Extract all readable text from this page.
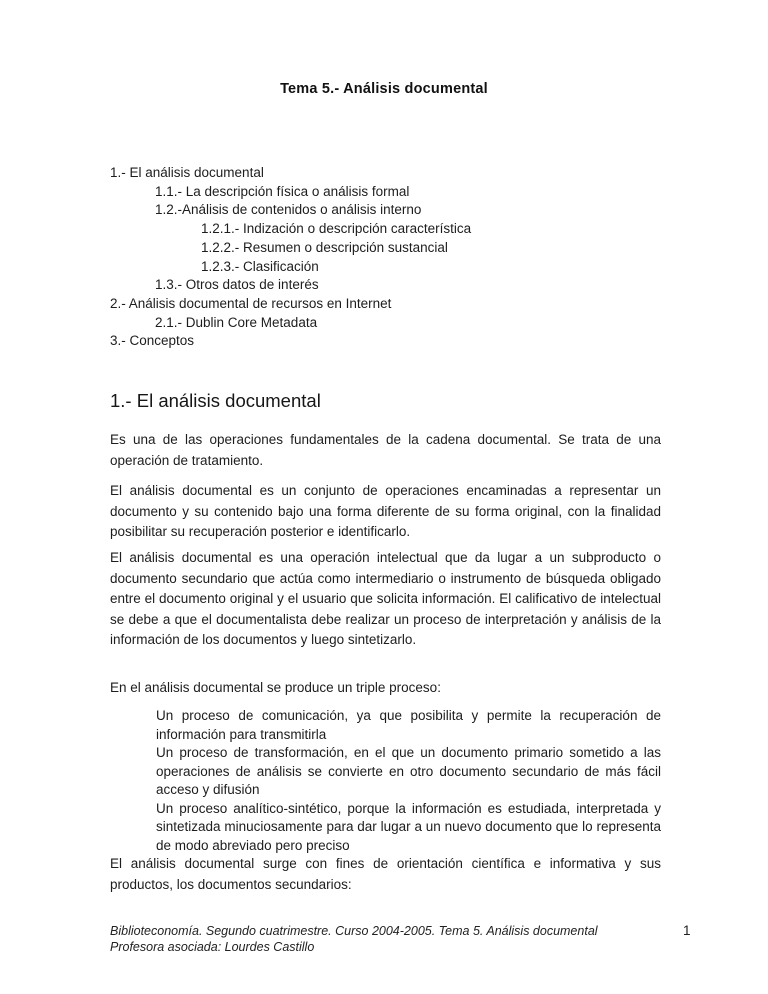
Tema 5.- Análisis documental
1.- El análisis documental
1.1.- La descripción física o análisis formal
1.2.-Análisis de contenidos o análisis interno
1.2.1.- Indización o descripción característica
1.2.2.- Resumen o descripción sustancial
1.2.3.- Clasificación
1.3.- Otros datos de interés
2.- Análisis documental de recursos en Internet
2.1.- Dublin Core Metadata
3.- Conceptos
1.- El análisis documental
Es una de las operaciones fundamentales de la cadena documental. Se trata de una operación de tratamiento.
El análisis documental es un conjunto de operaciones encaminadas a representar un documento y su contenido bajo una forma diferente de su forma original, con la finalidad posibilitar su recuperación posterior e identificarlo.
El análisis documental es una operación intelectual que da lugar a un subproducto o documento secundario que actúa como intermediario o instrumento de búsqueda obligado entre el documento original y el usuario que solicita información. El calificativo de intelectual se debe a que el documentalista debe realizar un proceso de interpretación y análisis de la información de los documentos y luego sintetizarlo.
En el análisis documental se produce un triple proceso:
Un proceso de comunicación, ya que posibilita y permite la recuperación de información para transmitirla
Un proceso de transformación, en el que un documento primario sometido a las operaciones de análisis se convierte en otro documento secundario de más fácil acceso y difusión
Un proceso analítico-sintético, porque la información es estudiada, interpretada y sintetizada minuciosamente para dar lugar a un nuevo documento que lo representa de modo abreviado pero preciso
El análisis documental surge con fines de orientación científica e informativa y sus productos, los documentos secundarios:
Biblioteconomía. Segundo cuatrimestre. Curso 2004-2005. Tema 5. Análisis documental
Profesora asociada: Lourdes Castillo
1
